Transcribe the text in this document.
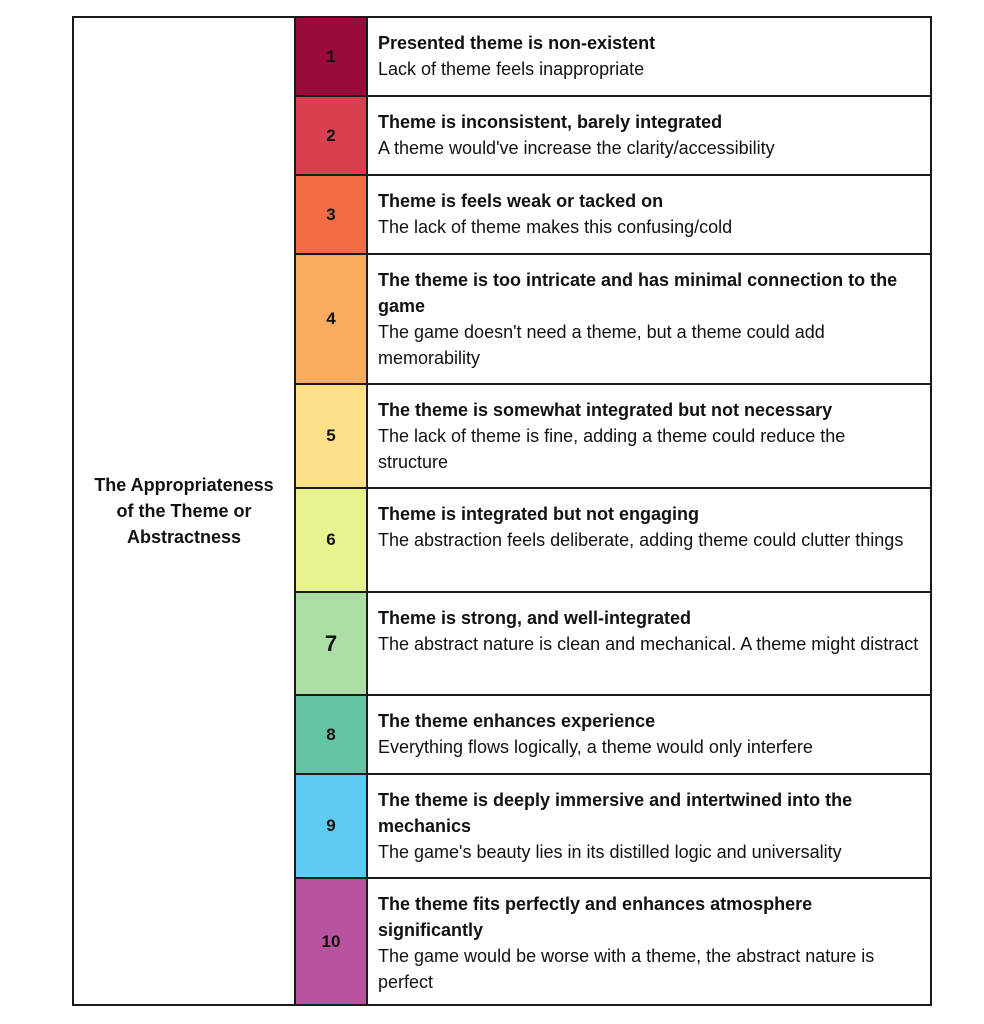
The Appropriateness of the Theme or Abstractness
1
Presented theme is non-existent
Lack of theme feels inappropriate
2
Theme is inconsistent, barely integrated
A theme would've increase the clarity/accessibility
3
Theme is feels weak or tacked on
The lack of theme makes this confusing/cold
4
The theme is too intricate and has minimal connection to the game
The game doesn't need a theme, but a theme could add memorability
5
The theme is somewhat integrated but not necessary
The lack of theme is fine, adding a theme could reduce the structure
6
Theme is integrated but not engaging
The abstraction feels deliberate, adding theme could clutter things
7
Theme is strong, and well-integrated
The abstract nature is clean and mechanical. A theme might distract
8
The theme enhances experience
Everything flows logically, a theme would only interfere
9
The theme is deeply immersive and intertwined into the mechanics
The game's beauty lies in its distilled logic and universality
10
The theme fits perfectly and enhances atmosphere significantly
The game would be worse with a theme, the abstract nature is perfect
